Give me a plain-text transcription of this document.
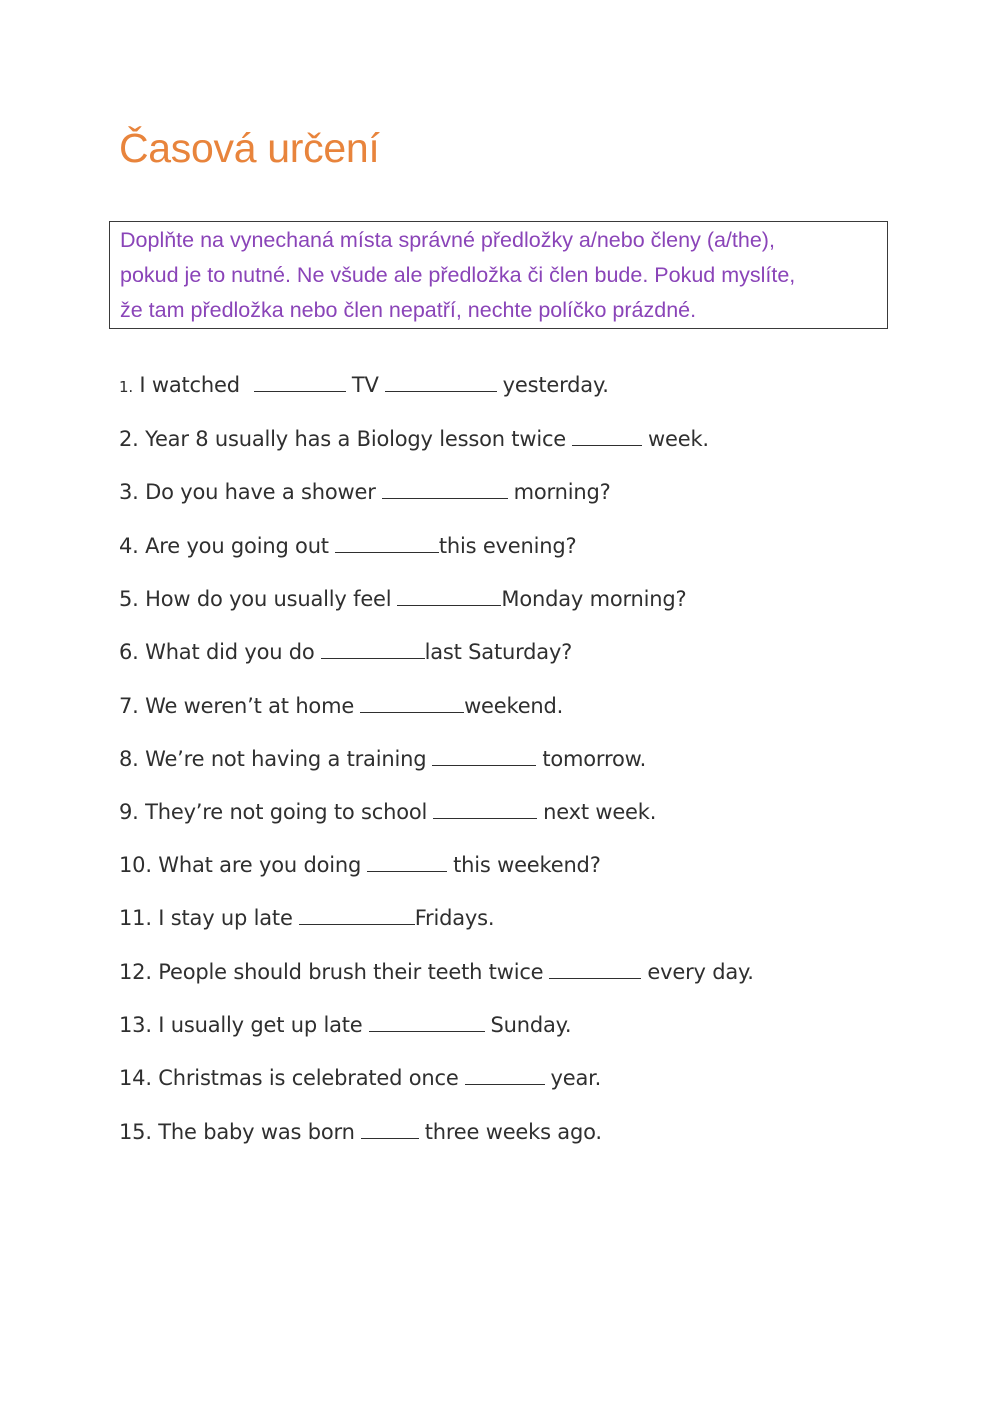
Časová určení
Doplňte na vynechaná místa správné předložky a/nebo členy (a/the),
pokud je to nutné. Ne všude ale předložka či člen bude. Pokud myslíte,
že tam předložka nebo člen nepatří, nechte políčko prázdné.
1. I watched	TV	yesterday.
2. Year 8 usually has a Biology lesson twice	week.
3. Do you have a shower	morning?
4. Are you going out	this evening?
5. How do you usually feel	Monday morning?
6. What did you do	last Saturday?
7. We weren’t at home	weekend.
8. We’re not having a training	tomorrow.
9. They’re not going to school	next week.
10. What are you doing	this weekend?
11. I stay up late	Fridays.
12. People should brush their teeth twice	every day.
13. I usually get up late	Sunday.
14. Christmas is celebrated once	year.
15. The baby was born	three weeks ago.
